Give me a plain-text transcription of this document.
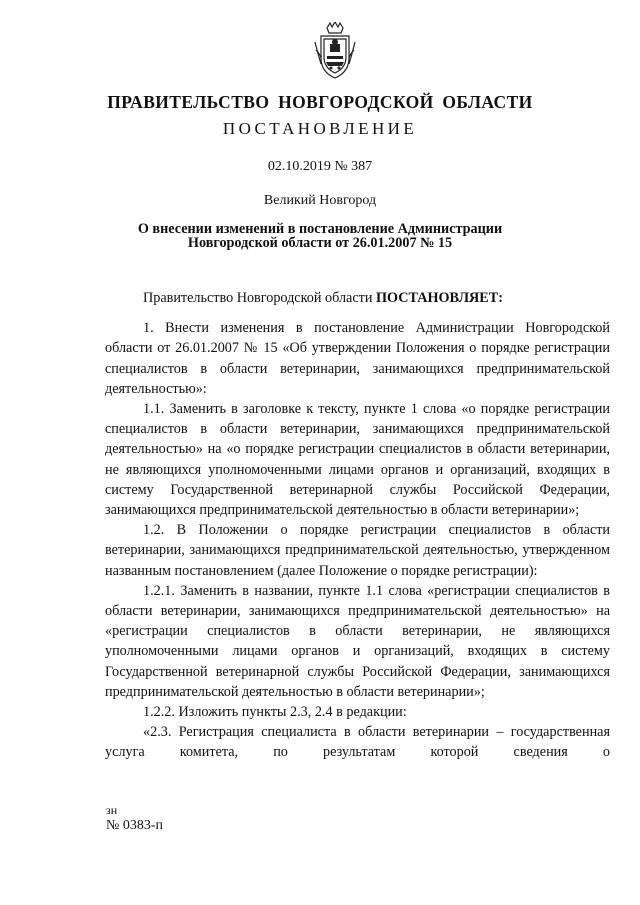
ПРАВИТЕЛЬСТВО НОВГОРОДСКОЙ ОБЛАСТИ
ПОСТАНОВЛЕНИЕ
02.10.2019 № 387
Великий Новгород
О внесении изменений в постановление Администрации
Новгородской области от 26.01.2007 № 15

Правительство Новгородской области ПОСТАНОВЛЯЕТ:

1. Внести изменения в постановление Администрации Новгородской области от 26.01.2007 № 15 «Об утверждении Положения о порядке регистрации специалистов в области ветеринарии, занимающихся предпринимательской деятельностью»:

1.1. Заменить в заголовке к тексту, пункте 1 слова «о порядке регистрации специалистов в области ветеринарии, занимающихся предпринимательской деятельностью» на «о порядке регистрации специалистов в области ветеринарии, не являющихся уполномоченными лицами органов и организаций, входящих в систему Государственной ветеринарной службы Российской Федерации, занимающихся предпринимательской деятельностью в области ветеринарии»;

1.2. В Положении о порядке регистрации специалистов в области ветеринарии, занимающихся предпринимательской деятельностью, утвержденном названным постановлением (далее Положение о порядке регистрации):

1.2.1. Заменить в названии, пункте 1.1 слова «регистрации специалистов в области ветеринарии, занимающихся предпринимательской деятельностью» на «регистрации специалистов в области ветеринарии, не являющихся уполномоченными лицами органов и организаций, входящих в систему Государственной ветеринарной службы Российской Федерации, занимающихся предпринимательской деятельностью в области ветеринарии»;

1.2.2. Изложить пункты 2.3, 2.4 в редакции:

«2.3. Регистрация специалиста в области ветеринарии – государственная услуга комитета, по результатам которой сведения о

зн
№ 0383-п
